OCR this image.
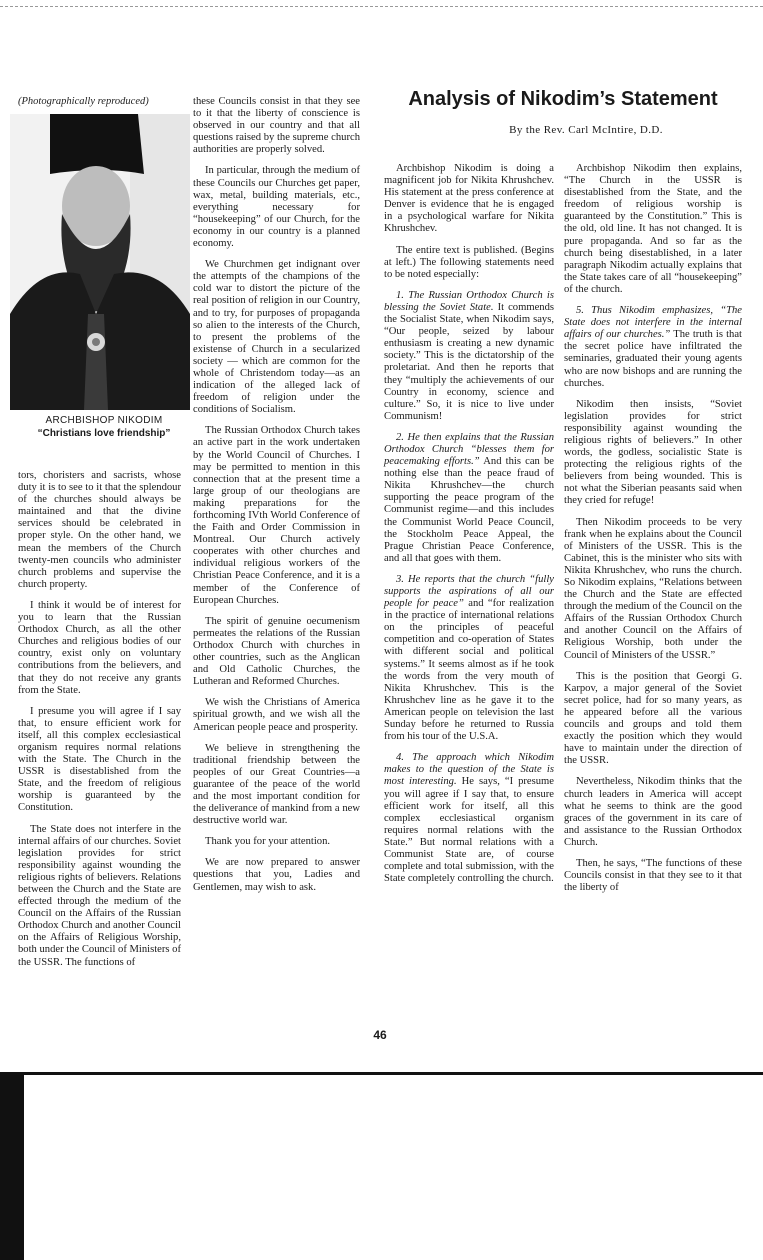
(Photographically reproduced)
ARCHBISHOP NIKODIM
“Christians love friendship”
Analysis of Nikodim’s Statement
By the Rev. Carl McIntire, D.D.

tors, choristers and sacrists, whose duty it is to see to it that the splendour of the churches should always be maintained and that the divine services should be celebrated in proper style. On the other hand, we mean the members of the Church twenty-men councils who administer church problems and supervise the church property.

I think it would be of interest for you to learn that the Russian Orthodox Church, as all the other Churches and religious bodies of our country, exist only on voluntary contributions from the believers, and that they do not receive any grants from the State.

I presume you will agree if I say that, to ensure efficient work for itself, all this complex ecclesiastical organism requires normal relations with the State. The Church in the USSR is disestablished from the State, and the freedom of religious worship is guaranteed by the Constitution.

The State does not interfere in the internal affairs of our churches. Soviet legislation provides for strict responsibility against wounding the religious rights of believers. Relations between the Church and the State are effected through the medium of the Council on the Affairs of the Russian Orthodox Church and another Council on the Affairs of Religious Worship, both under the Council of Ministers of the USSR. The functions of

these Councils consist in that they see to it that the liberty of conscience is observed in our country and that all questions raised by the supreme church authorities are properly solved.

In particular, through the medium of these Councils our Churches get paper, wax, metal, building materials, etc., everything necessary for “housekeeping” of our Church, for the economy in our country is a planned economy.

We Churchmen get indignant over the attempts of the champions of the cold war to distort the picture of the real position of religion in our Country, and to try, for purposes of propaganda so alien to the interests of the Church, to present the problems of the existense of Church in a secularized society — which are common for the whole of Christendom today—as an indication of the alleged lack of freedom of religion under the conditions of Socialism.

The Russian Orthodox Church takes an active part in the work undertaken by the World Council of Churches. I may be permitted to mention in this connection that at the present time a large group of our theologians are making preparations for the forthcoming IVth World Conference of the Faith and Order Commission in Montreal. Our Church actively cooperates with other churches and individual religious workers of the Christian Peace Conference, and it is a member of the Conference of European Churches.

The spirit of genuine oecumenism permeates the relations of the Russian Orthodox Church with churches in other countries, such as the Anglican and Old Catholic Churches, the Lutheran and Reformed Churches.

We wish the Christians of America spiritual growth, and we wish all the American people peace and prosperity.

We believe in strengthening the traditional friendship between the peoples of our Great Countries—a guarantee of the peace of the world and the most important condition for the deliverance of mankind from a new destructive world war.

Thank you for your attention.

We are now prepared to answer questions that you, Ladies and Gentlemen, may wish to ask.

Archbishop Nikodim is doing a magnificent job for Nikita Khrushchev. His statement at the press conference at Denver is evidence that he is engaged in a psychological warfare for Nikita Khrushchev.

The entire text is published. (Begins at left.) The following statements need to be noted especially:

1. The Russian Orthodox Church is blessing the Soviet State. It commends the Socialist State, when Nikodim says, “Our people, seized by labour enthusiasm is creating a new dynamic society.” This is the dictatorship of the proletariat. And then he reports that they “multiply the achievements of our Country in economy, science and culture.” So, it is nice to live under Communism!

2. He then explains that the Russian Orthodox Church “blesses them for peacemaking efforts.” And this can be nothing else than the peace fraud of Nikita Khrushchev—the church supporting the peace program of the Communist regime—and this includes the Communist World Peace Council, the Stockholm Peace Appeal, the Prague Christian Peace Conference, and all that goes with them.

3. He reports that the church “fully supports the aspirations of all our people for peace” and “for realization in the practice of international relations on the principles of peaceful competition and co-operation of States with different social and political systems.” It seems almost as if he took the words from the very mouth of Nikita Khrushchev. This is the Khrushchev line as he gave it to the American people on television the last Sunday before he returned to Russia from his tour of the U.S.A.

4. The approach which Nikodim makes to the question of the State is most interesting. He says, “I presume you will agree if I say that, to ensure efficient work for itself, all this complex ecclesiastical organism requires normal relations with the State.” But normal relations with a Communist State are, of course complete and total submission, with the State completely controlling the church.

Archbishop Nikodim then explains, “The Church in the USSR is disestablished from the State, and the freedom of religious worship is guaranteed by the Constitution.” This is the old, old line. It has not changed. It is pure propaganda. And so far as the church being disestablished, in a later paragraph Nikodim actually explains that the State takes care of all “housekeeping” of the church.

5. Thus Nikodim emphasizes, “The State does not interfere in the internal affairs of our churches.” The truth is that the secret police have infiltrated the seminaries, graduated their young agents who are now bishops and are running the churches.

Nikodim then insists, “Soviet legislation provides for strict responsibility against wounding the religious rights of believers.” In other words, the godless, socialistic State is protecting the religious rights of the believers from being wounded. This is not what the Siberian peasants said when they cried for refuge!

Then Nikodim proceeds to be very frank when he explains about the Council of Ministers of the USSR. This is the Cabinet, this is the minister who sits with Nikita Khrushchev, who runs the church. So Nikodim explains, “Relations between the Church and the State are effected through the medium of the Council on the Affairs of the Russian Orthodox Church and another Council on the Affairs of Religious Worship, both under the Council of Ministers of the USSR.”

This is the position that Georgi G. Karpov, a major general of the Soviet secret police, had for so many years, as he appeared before all the various councils and groups and told them exactly the position which they would have to maintain under the direction of the USSR.

Nevertheless, Nikodim thinks that the church leaders in America will accept what he seems to think are the good graces of the government in its care of and assistance to the Russian Orthodox Church.

Then, he says, “The functions of these Councils consist in that they see to it that the liberty of

46
